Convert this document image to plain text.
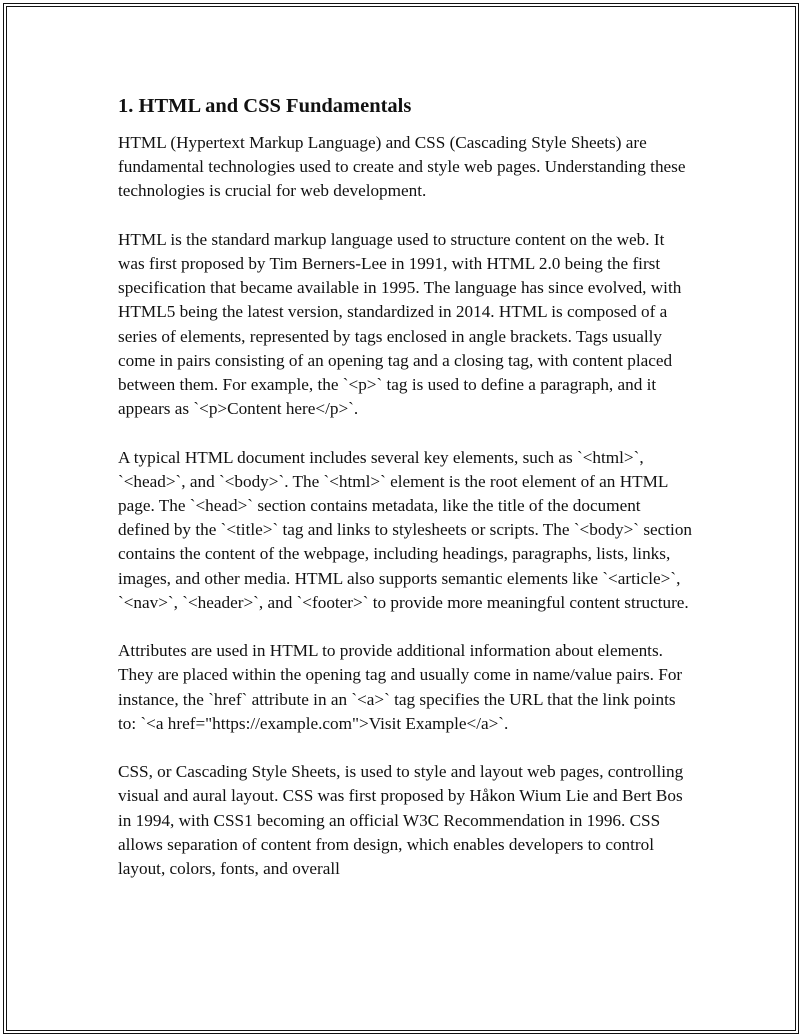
1. HTML and CSS Fundamentals

HTML (Hypertext Markup Language) and CSS (Cascading Style Sheets) are fundamental technologies used to create and style web pages. Understanding these technologies is crucial for web development.

HTML is the standard markup language used to structure content on the web. It was first proposed by Tim Berners-Lee in 1991, with HTML 2.0 being the first specification that became available in 1995. The language has since evolved, with HTML5 being the latest version, standardized in 2014. HTML is composed of a series of elements, represented by tags enclosed in angle brackets. Tags usually come in pairs consisting of an opening tag and a closing tag, with content placed between them. For example, the `<p>` tag is used to define a paragraph, and it appears as `<p>Content here</p>`.

A typical HTML document includes several key elements, such as `<html>`, `<head>`, and `<body>`. The `<html>` element is the root element of an HTML page. The `<head>` section contains metadata, like the title of the document defined by the `<title>` tag and links to stylesheets or scripts. The `<body>` section contains the content of the webpage, including headings, paragraphs, lists, links, images, and other media. HTML also supports semantic elements like `<article>`, `<nav>`, `<header>`, and `<footer>` to provide more meaningful content structure.

Attributes are used in HTML to provide additional information about elements. They are placed within the opening tag and usually come in name/value pairs. For instance, the `href` attribute in an `<a>` tag specifies the URL that the link points to: `<a href="https://example.com">Visit Example</a>`.

CSS, or Cascading Style Sheets, is used to style and layout web pages, controlling visual and aural layout. CSS was first proposed by Håkon Wium Lie and Bert Bos in 1994, with CSS1 becoming an official W3C Recommendation in 1996. CSS allows separation of content from design, which enables developers to control layout, colors, fonts, and overall
